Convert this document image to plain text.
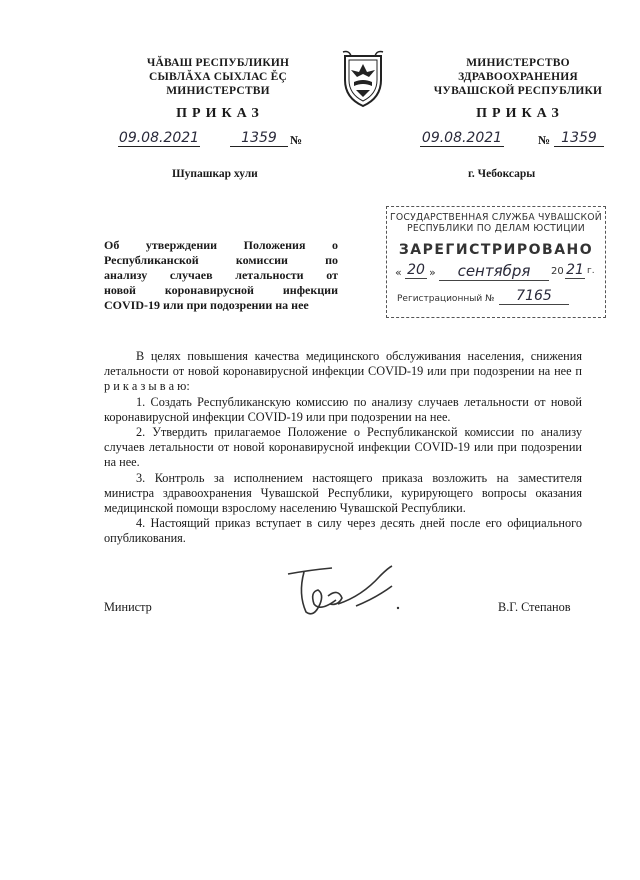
ЧĂВАШ РЕСПУБЛИКИН
СЫВЛĂХА СЫХЛАС ĔÇ
МИНИСТЕРСТВИ
МИНИСТЕРСТВО
ЗДРАВООХРАНЕНИЯ
ЧУВАШСКОЙ РЕСПУБЛИКИ
ПРИКАЗ
09.08.2021	1359	№
Шупашкар хули
ПРИКАЗ
09.08.2021	№ 1359
г. Чебоксары
Об утверждении Положения о
Республиканской комиссии по
анализу случаев летальности от
новой коронавирусной инфекции
COVID-19 или при подозрении на нее
ГОСУДАРСТВЕННАЯ СЛУЖБА ЧУВАШСКОЙ
РЕСПУБЛИКИ ПО ДЕЛАМ ЮСТИЦИИ
ЗАРЕГИСТРИРОВАНО
« 20 »	сентября	20 21 г.
Регистрационный №	7165

В целях повышения качества медицинского обслуживания населения, снижения летальности от новой коронавирусной инфекции COVID-19 или при подозрении на нее п р и к а з ы в а ю:

1. Создать Республиканскую комиссию по анализу случаев летальности от новой коронавирусной инфекции COVID-19 или при подозрении на нее.

2. Утвердить прилагаемое Положение о Республиканской комиссии по анализу случаев летальности от новой коронавирусной инфекции COVID-19 или при подозрении на нее.

3. Контроль за исполнением настоящего приказа возложить на заместителя министра здравоохранения Чувашской Республики, курирующего вопросы оказания медицинской помощи взрослому населению Чувашской Республики.

4. Настоящий приказ вступает в силу через десять дней после его официального опубликования.

Министр	В.Г. Степанов
